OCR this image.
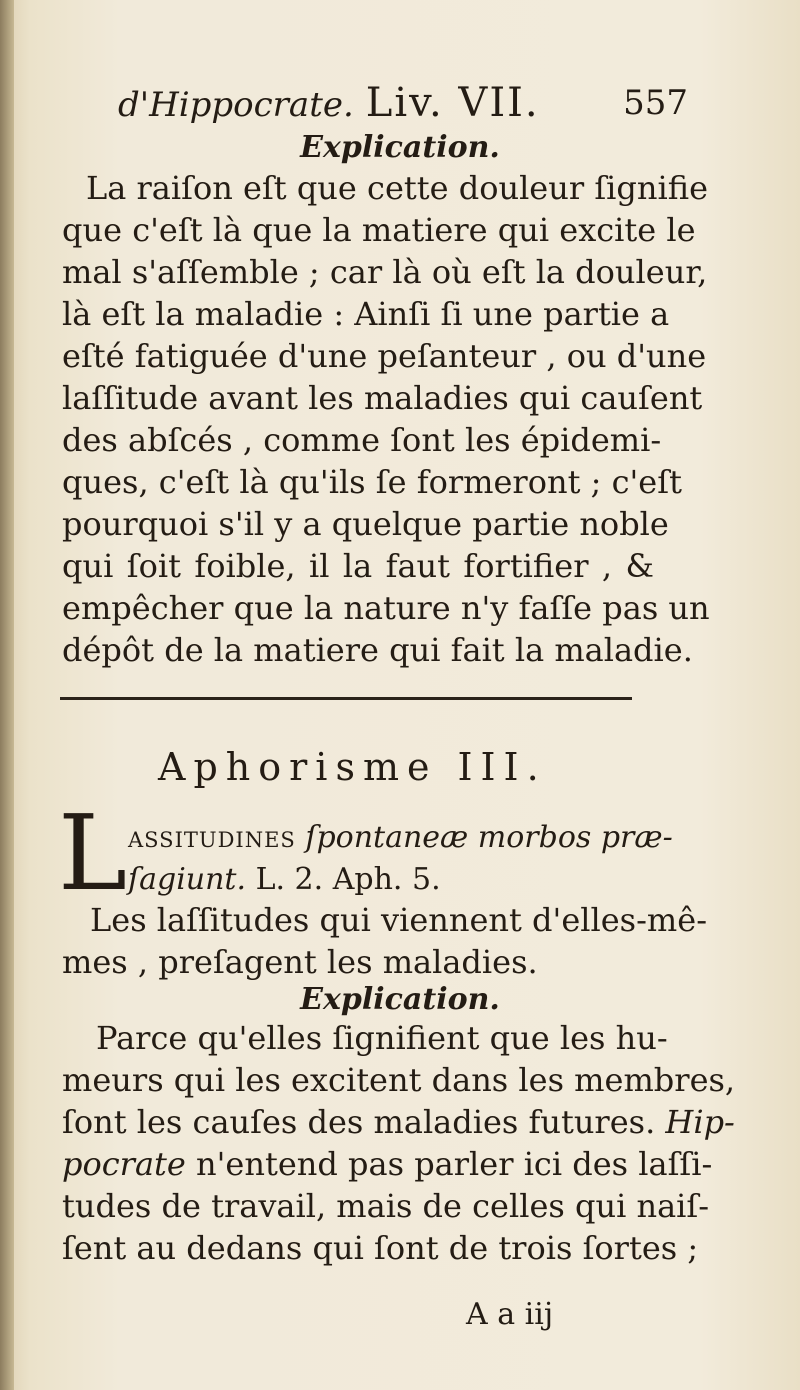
d'Hippocrate. Liv. VII. 557
Explication.
La raiſon eſt que cette douleur ſignifie
que c'eſt là que la matiere qui excite le
mal s'aſſemble ; car là où eſt la douleur,
là eſt la maladie : Ainſi ſi une partie a
eſté fatiguée d'une peſanteur , ou d'une
laſſitude avant les maladies qui cauſent
des abſcés , comme ſont les épidemi-
ques, c'eſt là qu'ils ſe formeront ; c'eſt
pourquoi s'il y a quelque partie noble
qui ſoit foible, il la faut fortifier , &
empêcher que la nature n'y faſſe pas un
dépôt de la matiere qui fait la maladie.
Aphorisme III.
L assitudines ſpontaneæ morbos præ-
ſagiunt. L. 2. Aph. 5.
Les laſſitudes qui viennent d'elles-mê-
mes , preſagent les maladies.
Explication.
Parce qu'elles ſignifient que les hu-
meurs qui les excitent dans les membres,
ſont les cauſes des maladies futures. Hip-
pocrate n'entend pas parler ici des laſſi-
tudes de travail, mais de celles qui naiſ-
ſent au dedans qui ſont de trois ſortes ;
A a iij
